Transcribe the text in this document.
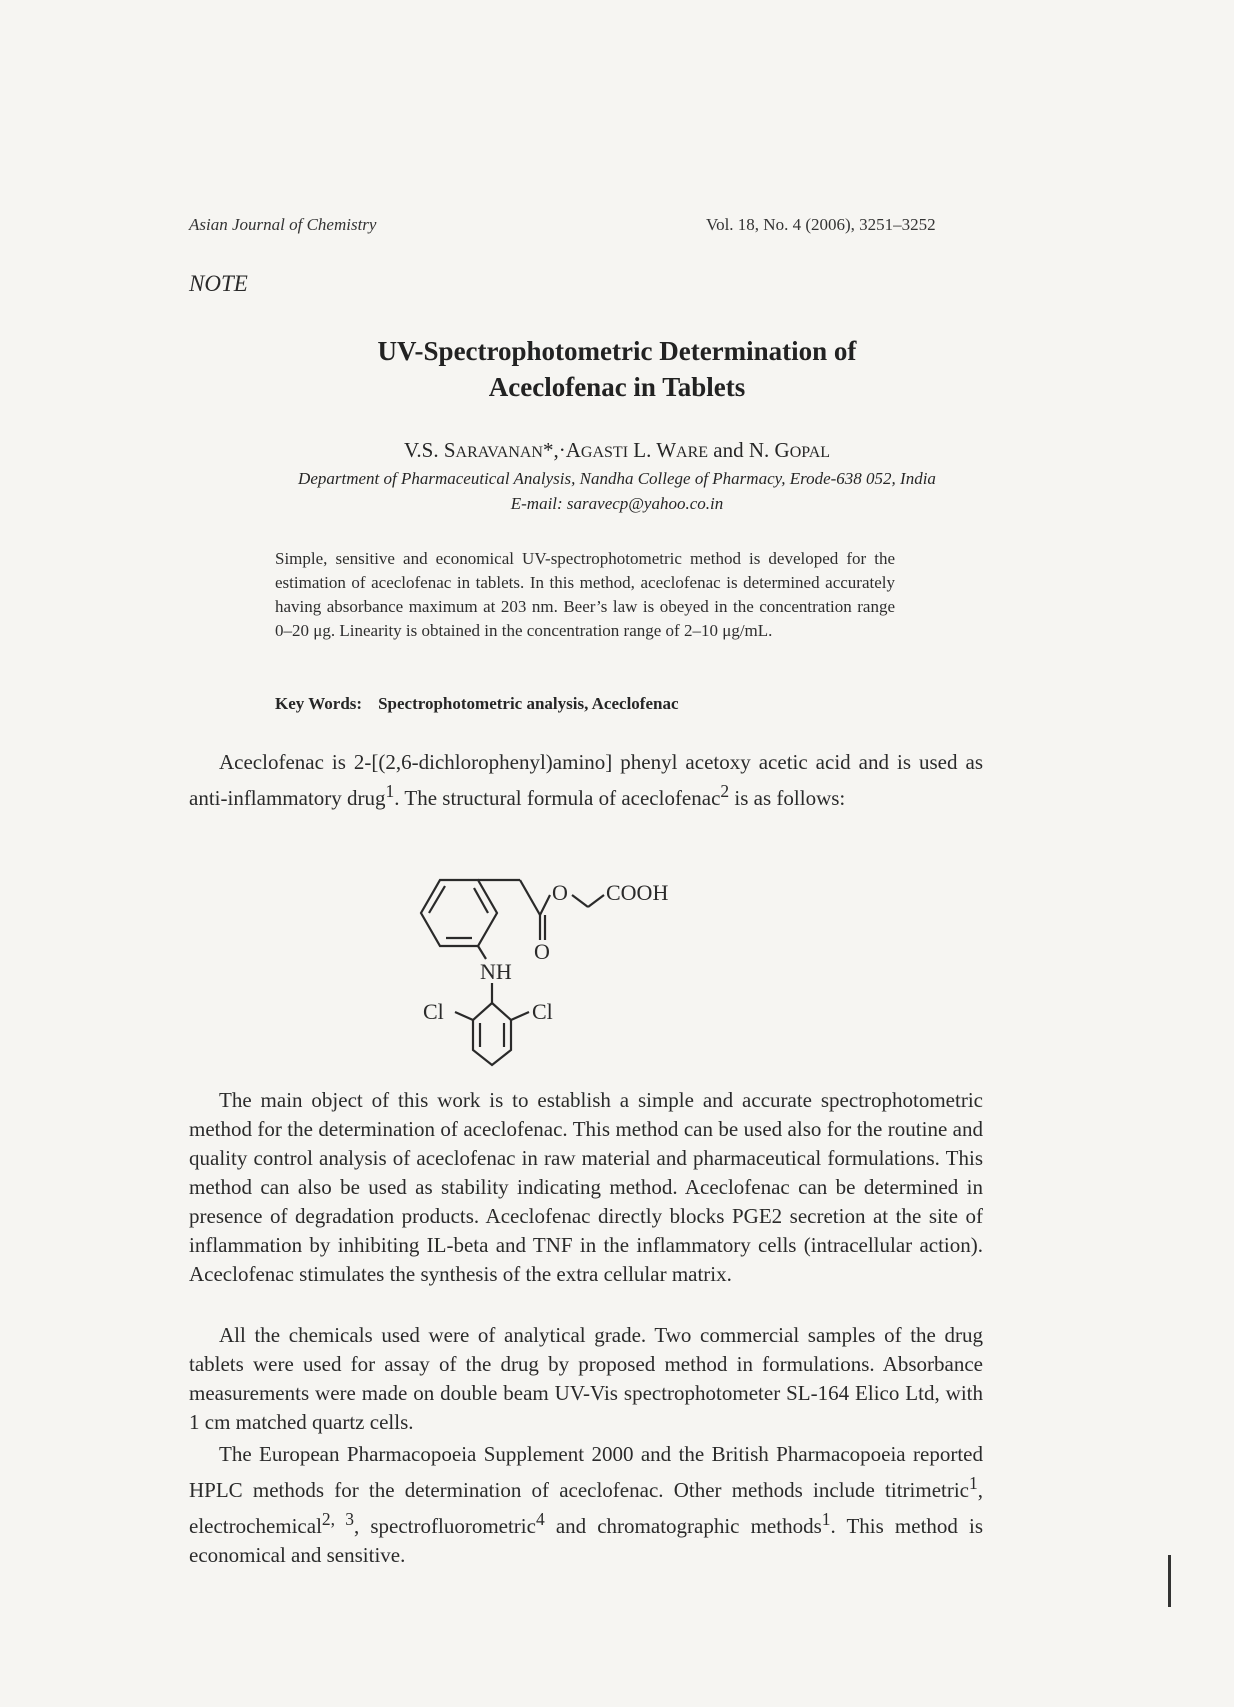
Asian Journal of Chemistry	Vol. 18, No. 4 (2006), 3251–3252
NOTE
UV-Spectrophotometric Determination of
Aceclofenac in Tablets
V.S. SARAVANAN*,·AGASTI L. WARE and N. GOPAL
Department of Pharmaceutical Analysis, Nandha College of Pharmacy, Erode-638 052, India
E-mail: saravecp@yahoo.co.in

Simple, sensitive and economical UV-spectrophotometric method is developed for the estimation of aceclofenac in tablets. In this method, aceclofenac is determined accurately having absorbance maximum at 203 nm. Beer’s law is obeyed in the concentration range 0–20 μg. Linearity is obtained in the concentration range of 2–10 μg/mL.

Key Words: Spectrophotometric analysis, Aceclofenac

Aceclofenac is 2-[(2,6-dichlorophenyl)amino] phenyl acetoxy acetic acid and is used as anti-inflammatory drug$^1$. The structural formula of aceclofenac$^2$ is as follows:

O COOH
O
NH
Cl	Cl

The main object of this work is to establish a simple and accurate spectrophotometric method for the determination of aceclofenac. This method can be used also for the routine and quality control analysis of aceclofenac in raw material and pharmaceutical formulations. This method can also be used as stability indicating method. Aceclofenac can be determined in presence of degradation products. Aceclofenac directly blocks PGE2 secretion at the site of inflammation by inhibiting IL-beta and TNF in the inflammatory cells (intracellular action). Aceclofenac stimulates the synthesis of the extra cellular matrix.

All the chemicals used were of analytical grade. Two commercial samples of the drug tablets were used for assay of the drug by proposed method in formulations. Absorbance measurements were made on double beam UV-Vis spectrophotometer SL-164 Elico Ltd, with 1 cm matched quartz cells.

The European Pharmacopoeia Supplement 2000 and the British Pharmacopoeia reported HPLC methods for the determination of aceclofenac. Other methods include titrimetric$^1$, electrochemical$^{2, 3}$, spectrofluorometric$^4$ and chromatographic methods$^1$. This method is economical and sensitive.
